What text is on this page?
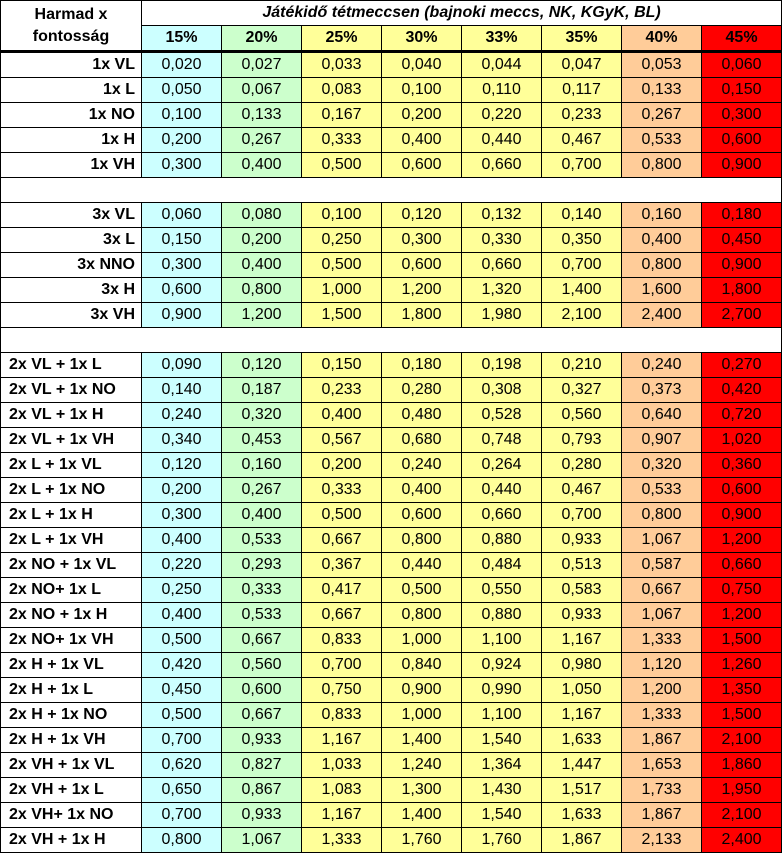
Harmad x
fontosság	Játékidő tétmeccsen (bajnoki meccs, NK, KGyK, BL)							
	15%	20%	25%	30%	33%	35%	40%	45%
1x VL	0,020	0,027	0,033	0,040	0,044	0,047	0,053	0,060
1x L	0,050	0,067	0,083	0,100	0,110	0,117	0,133	0,150
1x NO	0,100	0,133	0,167	0,200	0,220	0,233	0,267	0,300
1x H	0,200	0,267	0,333	0,400	0,440	0,467	0,533	0,600
1x VH	0,300	0,400	0,500	0,600	0,660	0,700	0,800	0,900

3x VL	0,060	0,080	0,100	0,120	0,132	0,140	0,160	0,180
3x L	0,150	0,200	0,250	0,300	0,330	0,350	0,400	0,450
3x NNO	0,300	0,400	0,500	0,600	0,660	0,700	0,800	0,900
3x H	0,600	0,800	1,000	1,200	1,320	1,400	1,600	1,800
3x VH	0,900	1,200	1,500	1,800	1,980	2,100	2,400	2,700

2x VL + 1x L	0,090	0,120	0,150	0,180	0,198	0,210	0,240	0,270
2x VL + 1x NO	0,140	0,187	0,233	0,280	0,308	0,327	0,373	0,420
2x VL + 1x H	0,240	0,320	0,400	0,480	0,528	0,560	0,640	0,720
2x VL + 1x VH	0,340	0,453	0,567	0,680	0,748	0,793	0,907	1,020
2x L + 1x VL	0,120	0,160	0,200	0,240	0,264	0,280	0,320	0,360
2x L + 1x NO	0,200	0,267	0,333	0,400	0,440	0,467	0,533	0,600
2x L + 1x H	0,300	0,400	0,500	0,600	0,660	0,700	0,800	0,900
2x L + 1x VH	0,400	0,533	0,667	0,800	0,880	0,933	1,067	1,200
2x NO + 1x VL	0,220	0,293	0,367	0,440	0,484	0,513	0,587	0,660
2x NO+ 1x L	0,250	0,333	0,417	0,500	0,550	0,583	0,667	0,750
2x NO + 1x H	0,400	0,533	0,667	0,800	0,880	0,933	1,067	1,200
2x NO+ 1x VH	0,500	0,667	0,833	1,000	1,100	1,167	1,333	1,500
2x H + 1x VL	0,420	0,560	0,700	0,840	0,924	0,980	1,120	1,260
2x H + 1x L	0,450	0,600	0,750	0,900	0,990	1,050	1,200	1,350
2x H + 1x NO	0,500	0,667	0,833	1,000	1,100	1,167	1,333	1,500
2x H + 1x VH	0,700	0,933	1,167	1,400	1,540	1,633	1,867	2,100
2x VH + 1x VL	0,620	0,827	1,033	1,240	1,364	1,447	1,653	1,860
2x VH + 1x L	0,650	0,867	1,083	1,300	1,430	1,517	1,733	1,950
2x VH+ 1x NO	0,700	0,933	1,167	1,400	1,540	1,633	1,867	2,100
2x VH + 1x H	0,800	1,067	1,333	1,760	1,760	1,867	2,133	2,400
